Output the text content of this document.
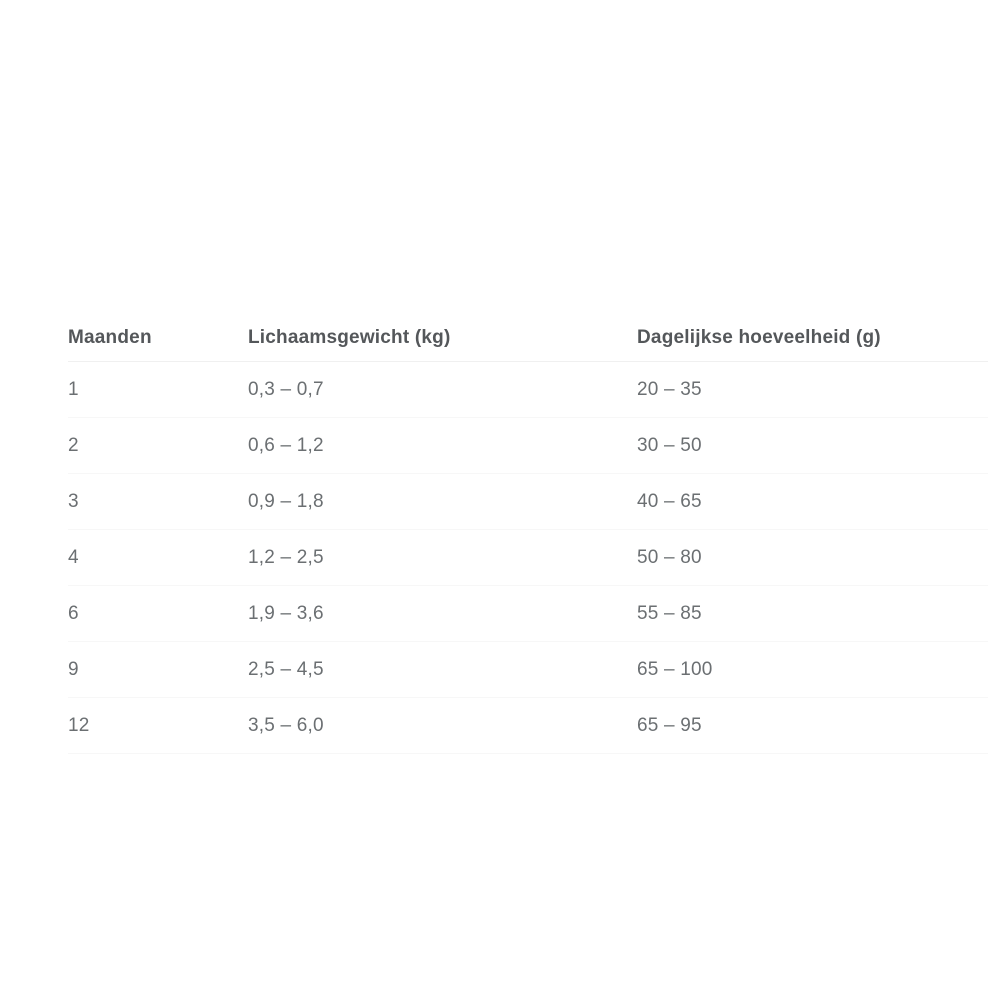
Maanden	Lichaamsgewicht (kg)	Dagelijkse hoeveelheid (g)
1	0,3 – 0,7	20 – 35
2	0,6 – 1,2	30 – 50
3	0,9 – 1,8	40 – 65
4	1,2 – 2,5	50 – 80
6	1,9 – 3,6	55 – 85
9	2,5 – 4,5	65 – 100
12	3,5 – 6,0	65 – 95
